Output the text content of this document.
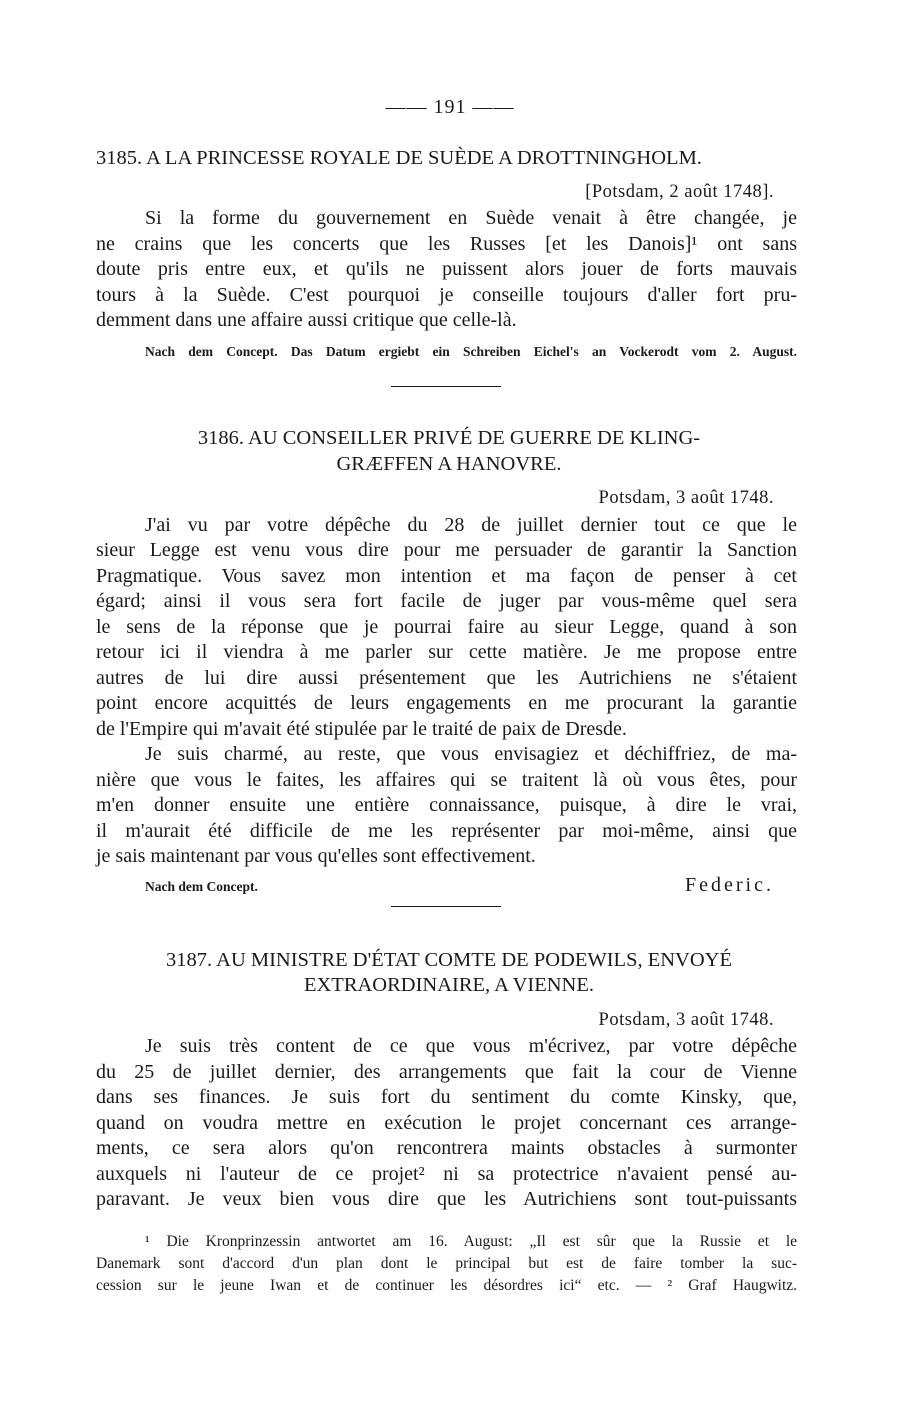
—— 191 ——
3185. A LA PRINCESSE ROYALE DE SUÈDE A DROTTNINGHOLM.
[Potsdam, 2 août 1748].
Si la forme du gouvernement en Suède venait à être changée, je
ne crains que les concerts que les Russes [et les Danois]¹ ont sans
doute pris entre eux, et qu'ils ne puissent alors jouer de forts mauvais
tours à la Suède. C'est pourquoi je conseille toujours d'aller fort pru-
demment dans une affaire aussi critique que celle-là.
Nach dem Concept. Das Datum ergiebt ein Schreiben Eichel's an Vockerodt vom 2. August.
3186. AU CONSEILLER PRIVÉ DE GUERRE DE KLING-
GRÆFFEN A HANOVRE.
Potsdam, 3 août 1748.
J'ai vu par votre dépêche du 28 de juillet dernier tout ce que le
sieur Legge est venu vous dire pour me persuader de garantir la Sanction
Pragmatique. Vous savez mon intention et ma façon de penser à cet
égard; ainsi il vous sera fort facile de juger par vous-même quel sera
le sens de la réponse que je pourrai faire au sieur Legge, quand à son
retour ici il viendra à me parler sur cette matière. Je me propose entre
autres de lui dire aussi présentement que les Autrichiens ne s'étaient
point encore acquittés de leurs engagements en me procurant la garantie
de l'Empire qui m'avait été stipulée par le traité de paix de Dresde.
Je suis charmé, au reste, que vous envisagiez et déchiffriez, de ma-
nière que vous le faites, les affaires qui se traitent là où vous êtes, pour
m'en donner ensuite une entière connaissance, puisque, à dire le vrai,
il m'aurait été difficile de me les représenter par moi-même, ainsi que
je sais maintenant par vous qu'elles sont effectivement.
Nach dem Concept.	Federic.
3187. AU MINISTRE D'ÉTAT COMTE DE PODEWILS, ENVOYÉ
EXTRAORDINAIRE, A VIENNE.
Potsdam, 3 août 1748.
Je suis très content de ce que vous m'écrivez, par votre dépêche
du 25 de juillet dernier, des arrangements que fait la cour de Vienne
dans ses finances. Je suis fort du sentiment du comte Kinsky, que,
quand on voudra mettre en exécution le projet concernant ces arrange-
ments, ce sera alors qu'on rencontrera maints obstacles à surmonter
auxquels ni l'auteur de ce projet² ni sa protectrice n'avaient pensé au-
paravant. Je veux bien vous dire que les Autrichiens sont tout-puissants
¹ Die Kronprinzessin antwortet am 16. August: „Il est sûr que la Russie et le
Danemark sont d'accord d'un plan dont le principal but est de faire tomber la suc-
cession sur le jeune Iwan et de continuer les désordres ici“ etc. — ² Graf Haugwitz.
